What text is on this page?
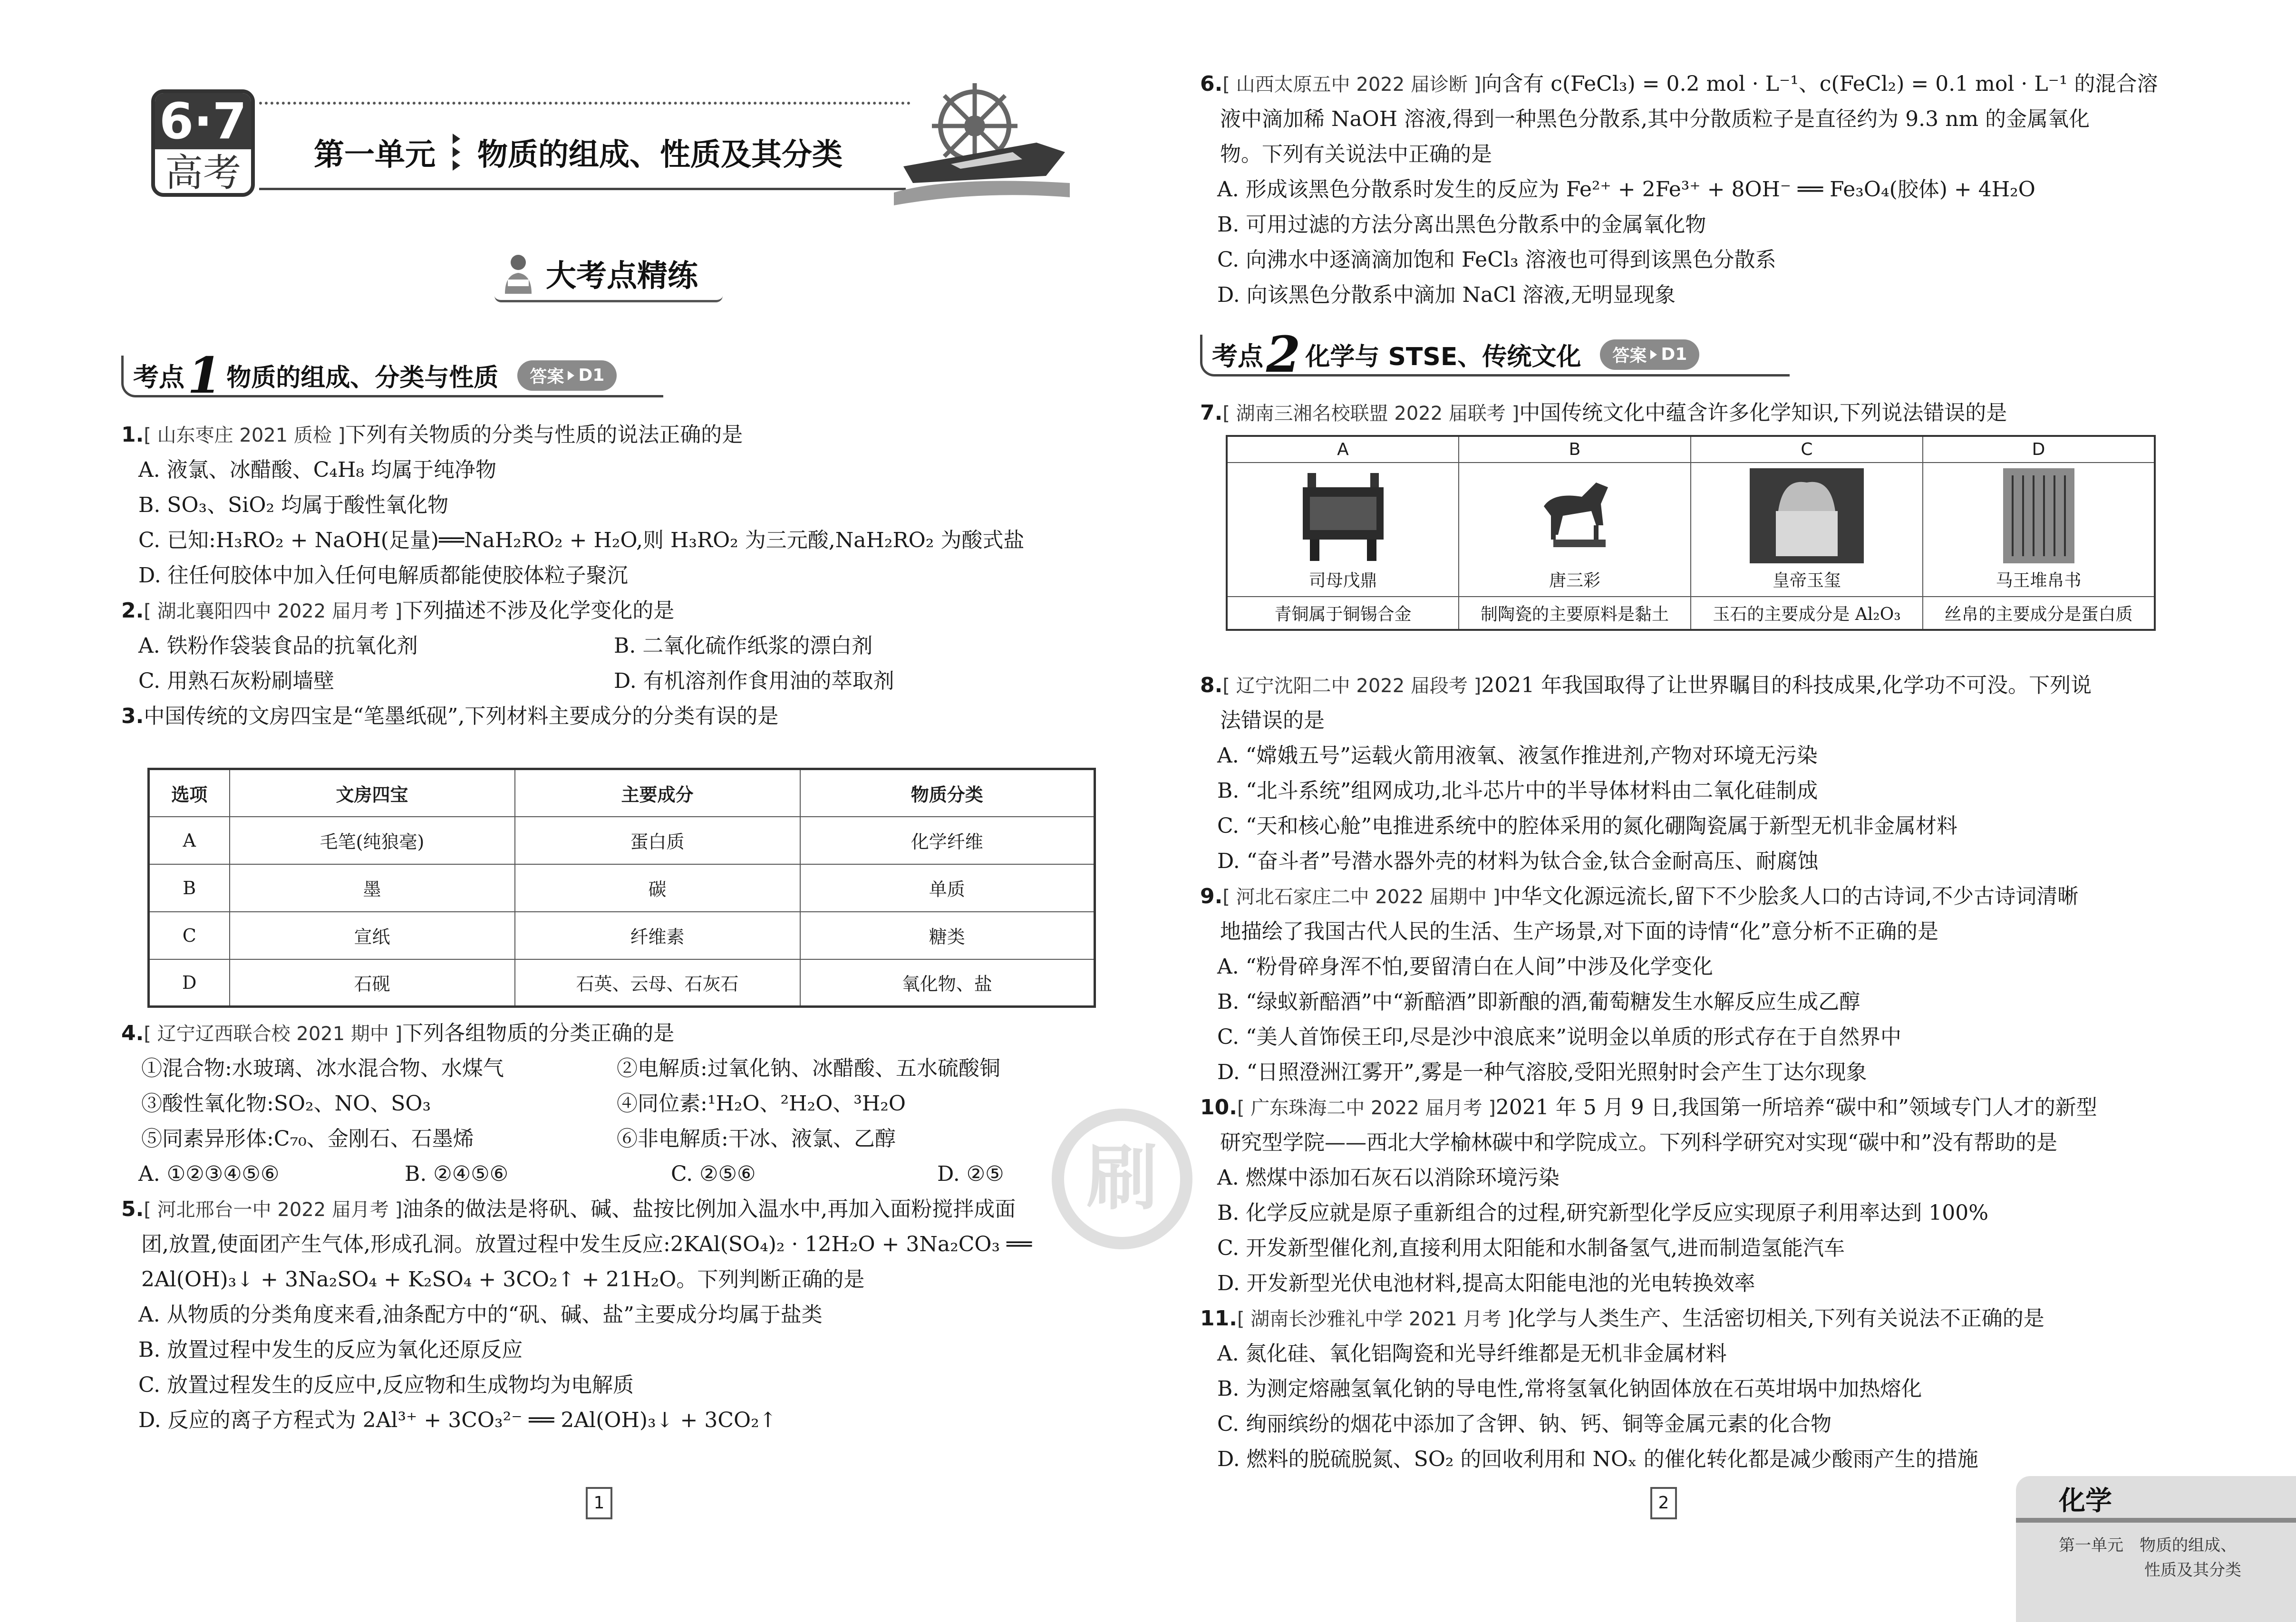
6·7
高考	第一单元 物质的组成、性质及其分类
大考点精练
考点 1 物质的组成、分类与性质 答案 D1
1.[ 山东枣庄 2021 质检 ]下列有关物质的分类与性质的说法正确的是
A. 液氯、冰醋酸、C₄H₈ 均属于纯净物
B. SO₃、SiO₂ 均属于酸性氧化物
C. 已知:H₃RO₂ + NaOH(足量)══NaH₂RO₂ + H₂O,则 H₃RO₂ 为三元酸,NaH₂RO₂ 为酸式盐
D. 往任何胶体中加入任何电解质都能使胶体粒子聚沉
2.[ 湖北襄阳四中 2022 届月考 ]下列描述不涉及化学变化的是
A. 铁粉作袋装食品的抗氧化剂	B. 二氧化硫作纸浆的漂白剂
C. 用熟石灰粉刷墙壁	D. 有机溶剂作食用油的萃取剂
3.中国传统的文房四宝是“笔墨纸砚”,下列材料主要成分的分类有误的是
选项	文房四宝	主要成分	物质分类
A	毛笔(纯狼毫)	蛋白质	化学纤维
B	墨	碳	单质
C	宣纸	纤维素	糖类
D	石砚	石英、云母、石灰石	氧化物、盐
4.[ 辽宁辽西联合校 2021 期中 ]下列各组物质的分类正确的是
①混合物:水玻璃、冰水混合物、水煤气	②电解质:过氧化钠、冰醋酸、五水硫酸铜
③酸性氧化物:SO₂、NO、SO₃	④同位素:¹H₂O、²H₂O、³H₂O
⑤同素异形体:C₇₀、金刚石、石墨烯	⑥非电解质:干冰、液氯、乙醇
A. ①②③④⑤⑥	B. ②④⑤⑥	C. ②⑤⑥	D. ②⑤
5.[ 河北邢台一中 2022 届月考 ]油条的做法是将矾、碱、盐按比例加入温水中,再加入面粉搅拌成面
团,放置,使面团产生气体,形成孔洞。放置过程中发生反应:2KAl(SO₄)₂ · 12H₂O + 3Na₂CO₃ ══
2Al(OH)₃↓ + 3Na₂SO₄ + K₂SO₄ + 3CO₂↑ + 21H₂O。下列判断正确的是
A. 从物质的分类角度来看,油条配方中的“矾、碱、盐”主要成分均属于盐类
B. 放置过程中发生的反应为氧化还原反应
C. 放置过程发生的反应中,反应物和生成物均为电解质
D. 反应的离子方程式为 2Al³⁺ + 3CO₃²⁻ ══ 2Al(OH)₃↓ + 3CO₂↑
1
刷
6.[ 山西太原五中 2022 届诊断 ]向含有 c(FeCl₃) = 0.2 mol · L⁻¹、c(FeCl₂) = 0.1 mol · L⁻¹ 的混合溶
液中滴加稀 NaOH 溶液,得到一种黑色分散系,其中分散质粒子是直径约为 9.3 nm 的金属氧化
物。下列有关说法中正确的是
A. 形成该黑色分散系时发生的反应为 Fe²⁺ + 2Fe³⁺ + 8OH⁻ ══ Fe₃O₄(胶体) + 4H₂O
B. 可用过滤的方法分离出黑色分散系中的金属氧化物
C. 向沸水中逐滴滴加饱和 FeCl₃ 溶液也可得到该黑色分散系
D. 向该黑色分散系中滴加 NaCl 溶液,无明显现象
考点 2 化学与 STSE、传统文化 答案 D1
7.[ 湖南三湘名校联盟 2022 届联考 ]中国传统文化中蕴含许多化学知识,下列说法错误的是
A	B	C	D

司母戊鼎	唐三彩	皇帝玉玺	马王堆帛书

青铜属于铜锡合金	制陶瓷的主要原料是黏土	玉石的主要成分是 Al₂O₃	丝帛的主要成分是蛋白质
8.[ 辽宁沈阳二中 2022 届段考 ]2021 年我国取得了让世界瞩目的科技成果,化学功不可没。下列说
法错误的是
A. “嫦娥五号”运载火箭用液氧、液氢作推进剂,产物对环境无污染
B. “北斗系统”组网成功,北斗芯片中的半导体材料由二氧化硅制成
C. “天和核心舱”电推进系统中的腔体采用的氮化硼陶瓷属于新型无机非金属材料
D. “奋斗者”号潜水器外壳的材料为钛合金,钛合金耐高压、耐腐蚀
9.[ 河北石家庄二中 2022 届期中 ]中华文化源远流长,留下不少脍炙人口的古诗词,不少古诗词清晰
地描绘了我国古代人民的生活、生产场景,对下面的诗情“化”意分析不正确的是
A. “粉骨碎身浑不怕,要留清白在人间”中涉及化学变化
B. “绿蚁新醅酒”中“新醅酒”即新酿的酒,葡萄糖发生水解反应生成乙醇
C. “美人首饰侯王印,尽是沙中浪底来”说明金以单质的形式存在于自然界中
D. “日照澄洲江雾开”,雾是一种气溶胶,受阳光照射时会产生丁达尔现象
10.[ 广东珠海二中 2022 届月考 ]2021 年 5 月 9 日,我国第一所培养“碳中和”领域专门人才的新型
研究型学院——西北大学榆林碳中和学院成立。下列科学研究对实现“碳中和”没有帮助的是
A. 燃煤中添加石灰石以消除环境污染
B. 化学反应就是原子重新组合的过程,研究新型化学反应实现原子利用率达到 100%
C. 开发新型催化剂,直接利用太阳能和水制备氢气,进而制造氢能汽车
D. 开发新型光伏电池材料,提高太阳能电池的光电转换效率
11.[ 湖南长沙雅礼中学 2021 月考 ]化学与人类生产、生活密切相关,下列有关说法不正确的是
A. 氮化硅、氧化铝陶瓷和光导纤维都是无机非金属材料
B. 为测定熔融氢氧化钠的导电性,常将氢氧化钠固体放在石英坩埚中加热熔化
C. 绚丽缤纷的烟花中添加了含钾、钠、钙、铜等金属元素的化合物
D. 燃料的脱硫脱氮、SO₂ 的回收利用和 NOₓ 的催化转化都是减少酸雨产生的措施
2	化学
第一单元　物质的组成、
性质及其分类
